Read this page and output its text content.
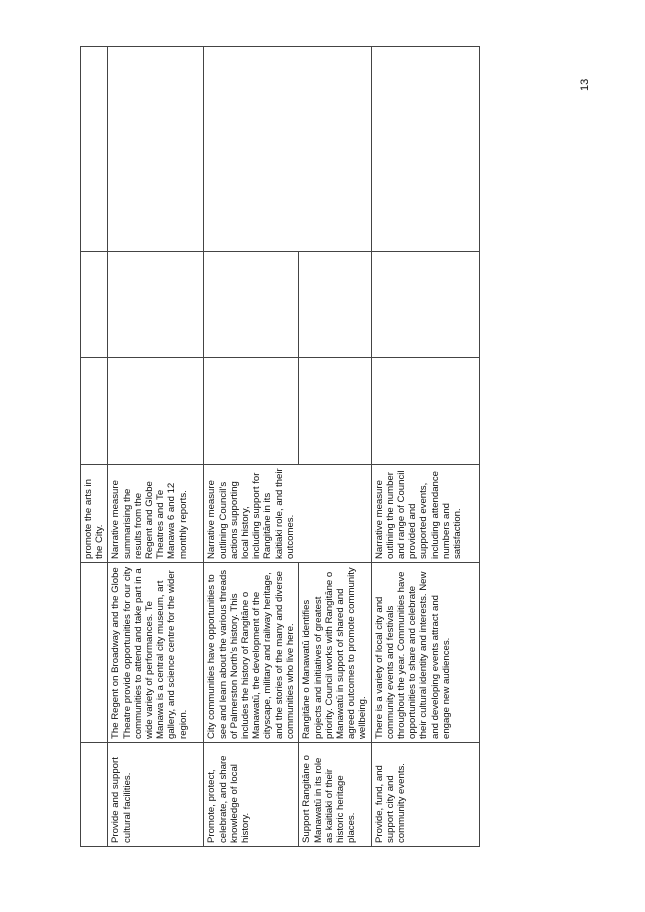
13
		promote the arts in the City.			
Provide and support cultural facilities.	The Regent on Broadway and the Globe Theatre provide opportunities for our city communities to attend and take part in a wide variety of performances. Te Manawa is a central city museum, art gallery, and science centre for the wider region.	Narrative measure summarising the results from the Regent and Globe Theatres and Te Manawa 6 and 12 monthly reports.			
Promote, protect, celebrate, and share knowledge of local history.	City communities have opportunities to see and learn about the various threads of Palmerston North’s history. This includes the history of Rangitāne o Manawatū, the development of the cityscape, military and railway heritage, and the stories of the many and diverse communities who live here.	Narrative measure outlining Council’s actions supporting local history, including support for Rangitāne in its kaitiaki role, and their outcomes.			
Support Rangitāne o Manawatū in its role as kaitiaki of their historic heritage places.	Rangitāne o Manawatū identifies projects and initiatives of greatest priority. Council works with Rangitāne o Manawatū in support of shared and agreed outcomes to promote community wellbeing.				
Provide, fund, and support city and community events.	There is a variety of local city and community events and festivals throughout the year. Communities have opportunities to share and celebrate their cultural identity and interests. New and developing events attract and engage new audiences.	Narrative measure outlining the number and range of Council provided and supported events, including attendance numbers and satisfaction.			
